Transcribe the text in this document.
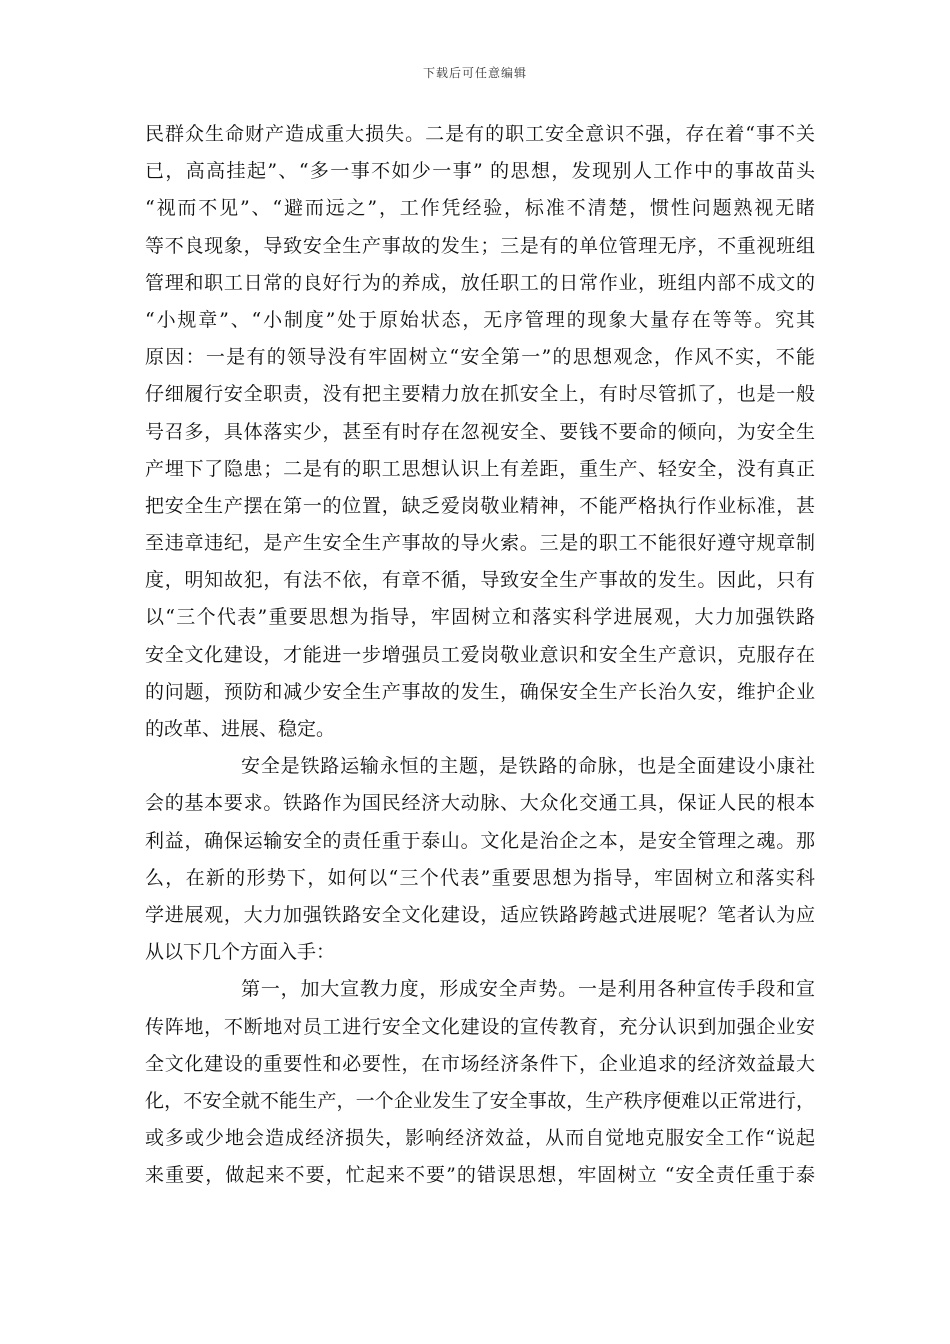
下载后可任意编辑
民群众生命财产造成重大损失。二是有的职工安全意识不强，存在着“事不关
已，高高挂起”、“多一事不如少一事” 的思想，发现别人工作中的事故苗头
“视而不见”、“避而远之”，工作凭经验，标准不清楚，惯性问题熟视无睹
等不良现象，导致安全生产事故的发生；三是有的单位管理无序，不重视班组
管理和职工日常的良好行为的养成，放任职工的日常作业，班组内部不成文的
“小规章”、“小制度”处于原始状态，无序管理的现象大量存在等等。究其
原因：一是有的领导没有牢固树立“安全第一”的思想观念，作风不实，不能
仔细履行安全职责，没有把主要精力放在抓安全上，有时尽管抓了，也是一般
号召多，具体落实少，甚至有时存在忽视安全、要钱不要命的倾向，为安全生
产埋下了隐患；二是有的职工思想认识上有差距，重生产、轻安全，没有真正
把安全生产摆在第一的位置，缺乏爱岗敬业精神，不能严格执行作业标准，甚
至违章违纪，是产生安全生产事故的导火索。三是的职工不能很好遵守规章制
度，明知故犯，有法不依，有章不循，导致安全生产事故的发生。因此，只有
以“三个代表”重要思想为指导，牢固树立和落实科学进展观，大力加强铁路
安全文化建设，才能进一步增强员工爱岗敬业意识和安全生产意识，克服存在
的问题，预防和减少安全生产事故的发生，确保安全生产长治久安，维护企业
的改革、进展、稳定。
安全是铁路运输永恒的主题，是铁路的命脉，也是全面建设小康社
会的基本要求。铁路作为国民经济大动脉、大众化交通工具，保证人民的根本
利益，确保运输安全的责任重于泰山。文化是治企之本，是安全管理之魂。那
么，在新的形势下，如何以“三个代表”重要思想为指导，牢固树立和落实科
学进展观，大力加强铁路安全文化建设，适应铁路跨越式进展呢？笔者认为应
从以下几个方面入手：
第一，加大宣教力度，形成安全声势。一是利用各种宣传手段和宣
传阵地，不断地对员工进行安全文化建设的宣传教育，充分认识到加强企业安
全文化建设的重要性和必要性，在市场经济条件下，企业追求的经济效益最大
化，不安全就不能生产，一个企业发生了安全事故，生产秩序便难以正常进行，
或多或少地会造成经济损失，影响经济效益，从而自觉地克服安全工作“说起
来重要，做起来不要，忙起来不要”的错误思想，牢固树立 “安全责任重于泰
